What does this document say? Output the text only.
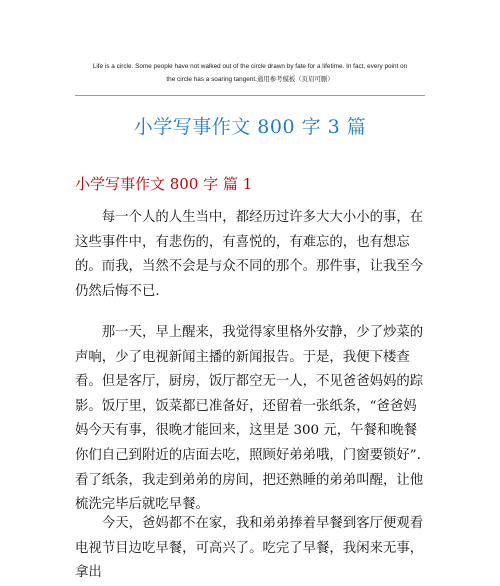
Life is a circle. Some people have not walked out of the circle drawn by fate for a lifetime. In fact, every point on
the circle has a soaring tangent.通用参考模板（页眉可删）
小学写事作文 800 字 3 篇
小学写事作文 800 字 篇 1

每一个人的人生当中，都经历过许多大大小小的事，在这些事件中，有悲伤的，有喜悦的，有难忘的，也有想忘的。而我，当然不会是与众不同的那个。那件事，让我至今仍然后悔不已.

那一天，早上醒来，我觉得家里格外安静，少了炒菜的声响，少了电视新闻主播的新闻报告。于是，我便下楼查看。但是客厅，厨房，饭厅都空无一人，不见爸爸妈妈的踪影。饭厅里，饭菜都已准备好，还留着一张纸条，“爸爸妈妈今天有事，很晚才能回来，这里是 300 元，午餐和晚餐你们自己到附近的店面去吃，照顾好弟弟哦，门窗要锁好”. 看了纸条，我走到弟弟的房间，把还熟睡的弟弟叫醒，让他梳洗完毕后就吃早餐。

今天，爸妈都不在家，我和弟弟捧着早餐到客厅便观看电视节目边吃早餐，可高兴了。吃完了早餐，我闲来无事，拿出
